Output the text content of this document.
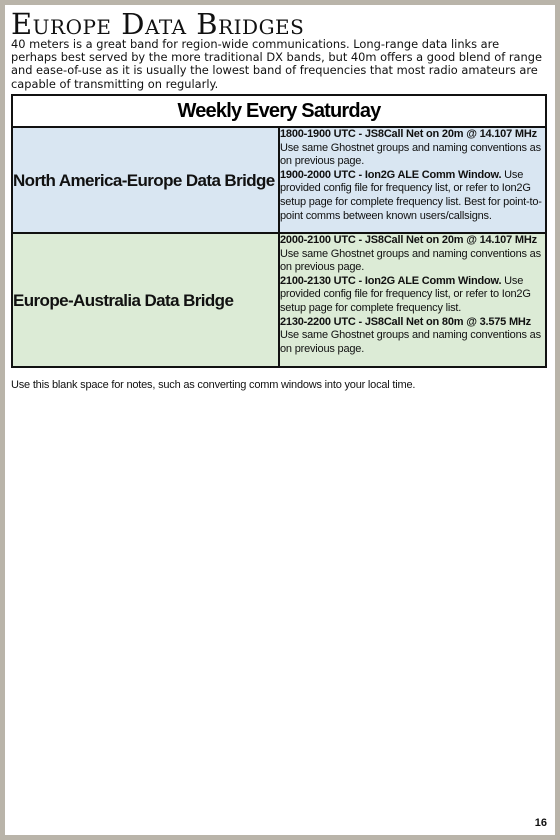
Europe Data Bridges
40 meters is a great band for region-wide communications. Long-range data links are perhaps best served by the more traditional DX bands, but 40m offers a good blend of range and ease-of-use as it is usually the lowest band of frequencies that most radio amateurs are capable of transmitting on regularly.
Weekly Every Saturday	
North America-Europe Data Bridge	1800-1900 UTC - JS8Call Net on 20m @ 14.107 MHz
Use same Ghostnet groups and naming conventions as on previous page.
1900-2000 UTC - Ion2G ALE Comm Window. Use provided config file for frequency list, or refer to Ion2G setup page for complete frequency list. Best for point-to-point comms between known users/callsigns.

Europe-Australia Data Bridge	2000-2100 UTC - JS8Call Net on 20m @ 14.107 MHz
Use same Ghostnet groups and naming conventions as on previous page.
2100-2130 UTC - Ion2G ALE Comm Window. Use provided config file for frequency list, or refer to Ion2G setup page for complete frequency list.
2130-2200 UTC - JS8Call Net on 80m @ 3.575 MHz
Use same Ghostnet groups and naming conventions as on previous page.
Use this blank space for notes, such as converting comm windows into your local time.
16
